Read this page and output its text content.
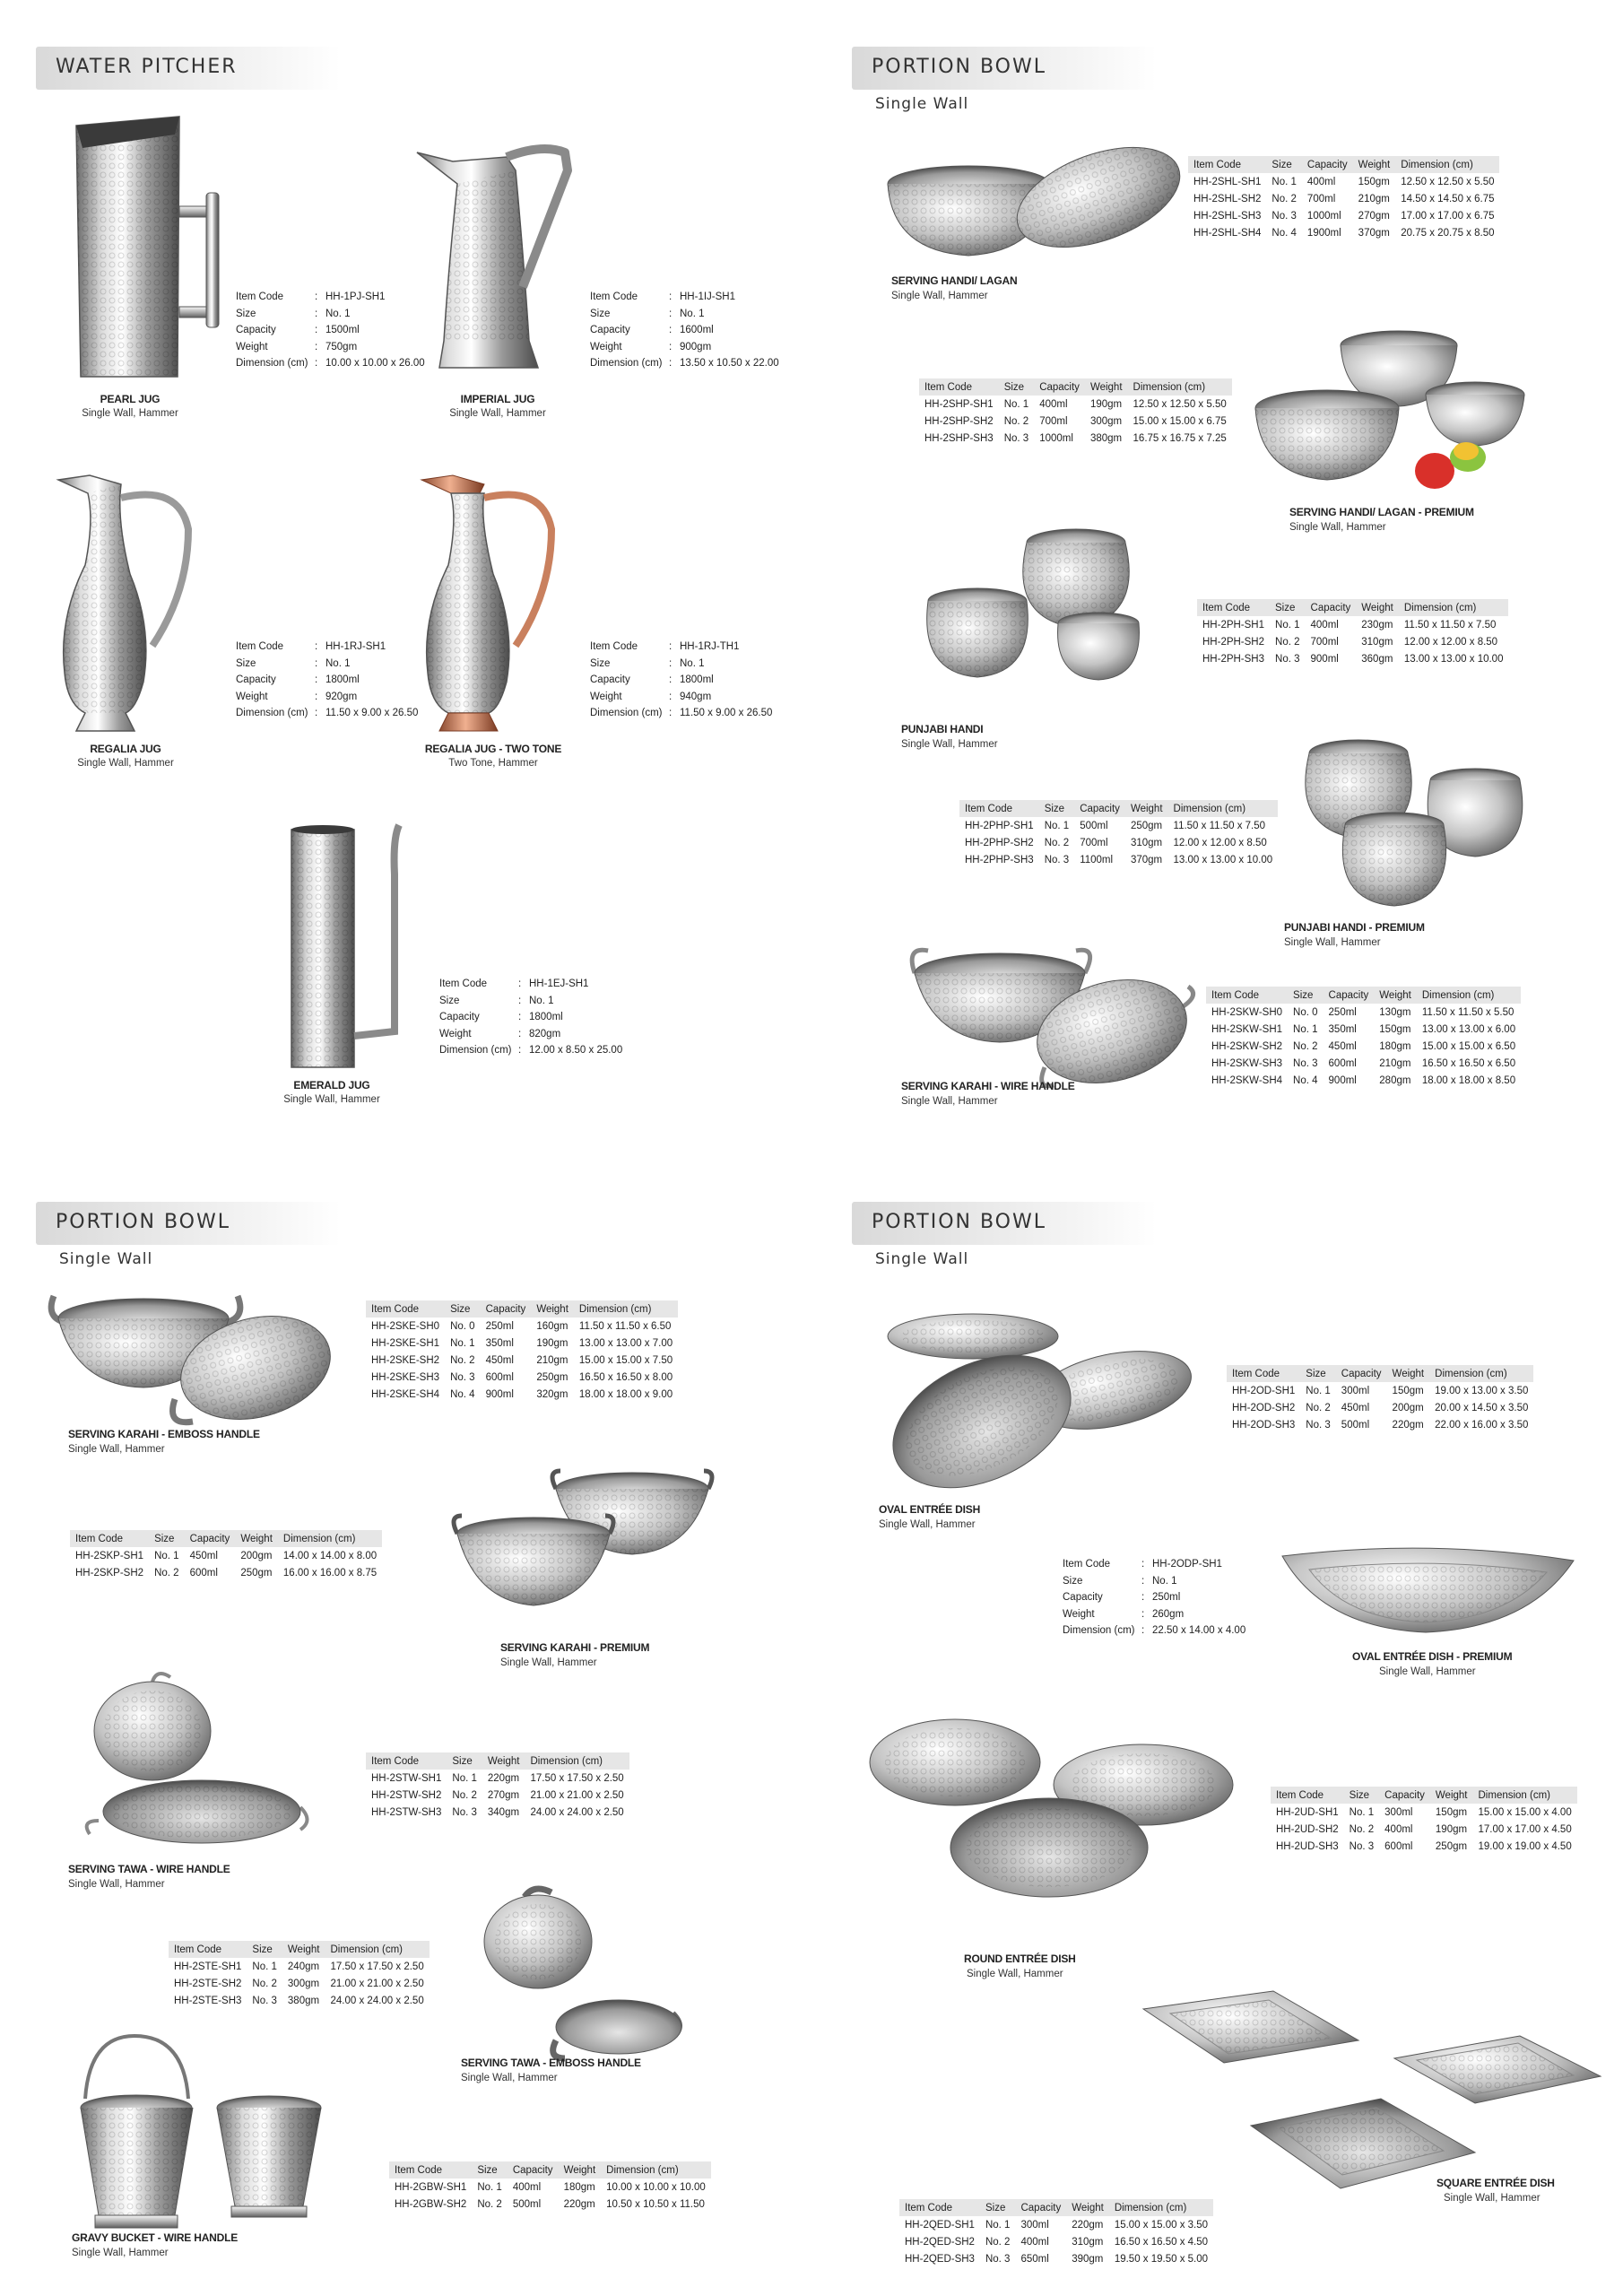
WATER PITCHER	PORTION BOWL
Single Wall
PORTION BOWL
Single Wall
PORTION BOWL
Single Wall
PEARL JUG
Single Wall, Hammer
Item Code	: HH-1PJ-SH1
Size	: No. 1
Capacity	: 1500ml
Weight	: 750gm
Dimension (cm) : 10.00 x 10.00 x 26.00
IMPERIAL JUG
Single Wall, Hammer
Item Code	: HH-1IJ-SH1
Size	: No. 1
Capacity	: 1600ml
Weight	: 900gm
Dimension (cm) : 13.50 x 10.50 x 22.00
REGALIA JUG
Single Wall, Hammer
Item Code	: HH-1RJ-SH1
Size	: No. 1
Capacity	: 1800ml
Weight	: 920gm
Dimension (cm) : 11.50 x 9.00 x 26.50
REGALIA JUG - TWO TONE
Two Tone, Hammer
Item Code	: HH-1RJ-TH1
Size	: No. 1
Capacity	: 1800ml
Weight	: 940gm
Dimension (cm) : 11.50 x 9.00 x 26.50
EMERALD JUG
Single Wall, Hammer
Item Code	: HH-1EJ-SH1
Size	: No. 1
Capacity	: 1800ml
Weight	: 820gm
Dimension (cm) : 12.00 x 8.50 x 25.00
SERVING HANDI/ LAGAN
Single Wall, Hammer
Item Code	Size	Capacity	Weight	Dimension (cm)
HH-2SHL-SH1	No. 1	400ml	150gm	12.50 x 12.50 x 5.50
HH-2SHL-SH2	No. 2	700ml	210gm	14.50 x 14.50 x 6.75
HH-2SHL-SH3	No. 3	1000ml	270gm	17.00 x 17.00 x 6.75
HH-2SHL-SH4	No. 4	1900ml	370gm	20.75 x 20.75 x 8.50
Item Code	Size	Capacity	Weight	Dimension (cm)
HH-2SHP-SH1	No. 1	400ml	190gm	12.50 x 12.50 x 5.50
HH-2SHP-SH2	No. 2	700ml	300gm	15.00 x 15.00 x 6.75
HH-2SHP-SH3	No. 3	1000ml	380gm	16.75 x 16.75 x 7.25
SERVING HANDI/ LAGAN - PREMIUM
Single Wall, Hammer
PUNJABI HANDI
Single Wall, Hammer
Item Code	Size	Capacity	Weight	Dimension (cm)
HH-2PH-SH1	No. 1	400ml	230gm	11.50 x 11.50 x 7.50
HH-2PH-SH2	No. 2	700ml	310gm	12.00 x 12.00 x 8.50
HH-2PH-SH3	No. 3	900ml	360gm	13.00 x 13.00 x 10.00
Item Code	Size	Capacity	Weight	Dimension (cm)
HH-2PHP-SH1	No. 1	500ml	250gm	11.50 x 11.50 x 7.50
HH-2PHP-SH2	No. 2	700ml	310gm	12.00 x 12.00 x 8.50
HH-2PHP-SH3	No. 3	1100ml	370gm	13.00 x 13.00 x 10.00
PUNJABI HANDI - PREMIUM
Single Wall, Hammer
SERVING KARAHI - WIRE HANDLE
Single Wall, Hammer
Item Code	Size	Capacity	Weight	Dimension (cm)
HH-2SKW-SH0	No. 0	250ml	130gm	11.50 x 11.50 x 5.50
HH-2SKW-SH1	No. 1	350ml	150gm	13.00 x 13.00 x 6.00
HH-2SKW-SH2	No. 2	450ml	180gm	15.00 x 15.00 x 6.50
HH-2SKW-SH3	No. 3	600ml	210gm	16.50 x 16.50 x 6.50
HH-2SKW-SH4	No. 4	900ml	280gm	18.00 x 18.00 x 8.50
SERVING KARAHI - EMBOSS HANDLE
Single Wall, Hammer
Item Code	Size	Capacity	Weight	Dimension (cm)
HH-2SKE-SH0	No. 0	250ml	160gm	11.50 x 11.50 x 6.50
HH-2SKE-SH1	No. 1	350ml	190gm	13.00 x 13.00 x 7.00
HH-2SKE-SH2	No. 2	450ml	210gm	15.00 x 15.00 x 7.50
HH-2SKE-SH3	No. 3	600ml	250gm	16.50 x 16.50 x 8.00
HH-2SKE-SH4	No. 4	900ml	320gm	18.00 x 18.00 x 9.00
Item Code	Size	Capacity	Weight	Dimension (cm)
HH-2SKP-SH1	No. 1	450ml	200gm	14.00 x 14.00 x 8.00
HH-2SKP-SH2	No. 2	600ml	250gm	16.00 x 16.00 x 8.75
SERVING KARAHI - PREMIUM
Single Wall, Hammer
SERVING TAWA - WIRE HANDLE
Single Wall, Hammer
Item Code	Size	Weight	Dimension (cm)
HH-2STW-SH1	No. 1	220gm	17.50 x 17.50 x 2.50
HH-2STW-SH2	No. 2	270gm	21.00 x 21.00 x 2.50
HH-2STW-SH3	No. 3	340gm	24.00 x 24.00 x 2.50
Item Code	Size	Weight	Dimension (cm)
HH-2STE-SH1	No. 1	240gm	17.50 x 17.50 x 2.50
HH-2STE-SH2	No. 2	300gm	21.00 x 21.00 x 2.50
HH-2STE-SH3	No. 3	380gm	24.00 x 24.00 x 2.50
SERVING TAWA - EMBOSS HANDLE
Single Wall, Hammer
GRAVY BUCKET - WIRE HANDLE
Single Wall, Hammer
Item Code	Size	Capacity	Weight	Dimension (cm)
HH-2GBW-SH1	No. 1	400ml	180gm	10.00 x 10.00 x 10.00
HH-2GBW-SH2	No. 2	500ml	220gm	10.50 x 10.50 x 11.50
OVAL ENTRÉE DISH
Single Wall, Hammer
Item Code	Size	Capacity	Weight	Dimension (cm)
HH-2OD-SH1	No. 1	300ml	150gm	19.00 x 13.00 x 3.50
HH-2OD-SH2	No. 2	450ml	200gm	20.00 x 14.50 x 3.50
HH-2OD-SH3	No. 3	500ml	220gm	22.00 x 16.00 x 3.50
Item Code	: HH-2ODP-SH1
Size	: No. 1
Capacity	: 250ml
Weight	: 260gm
Dimension (cm) : 22.50 x 14.00 x 4.00
OVAL ENTRÉE DISH - PREMIUM
Single Wall, Hammer
ROUND ENTRÉE DISH
Single Wall, Hammer
Item Code	Size	Capacity	Weight	Dimension (cm)
HH-2UD-SH1	No. 1	300ml	150gm	15.00 x 15.00 x 4.00
HH-2UD-SH2	No. 2	400ml	190gm	17.00 x 17.00 x 4.50
HH-2UD-SH3	No. 3	600ml	250gm	19.00 x 19.00 x 4.50
SQUARE ENTRÉE DISH
Single Wall, Hammer
Item Code	Size	Capacity	Weight	Dimension (cm)
HH-2QED-SH1	No. 1	300ml	220gm	15.00 x 15.00 x 3.50
HH-2QED-SH2	No. 2	400ml	310gm	16.50 x 16.50 x 4.50
HH-2QED-SH3	No. 3	650ml	390gm	19.50 x 19.50 x 5.00
